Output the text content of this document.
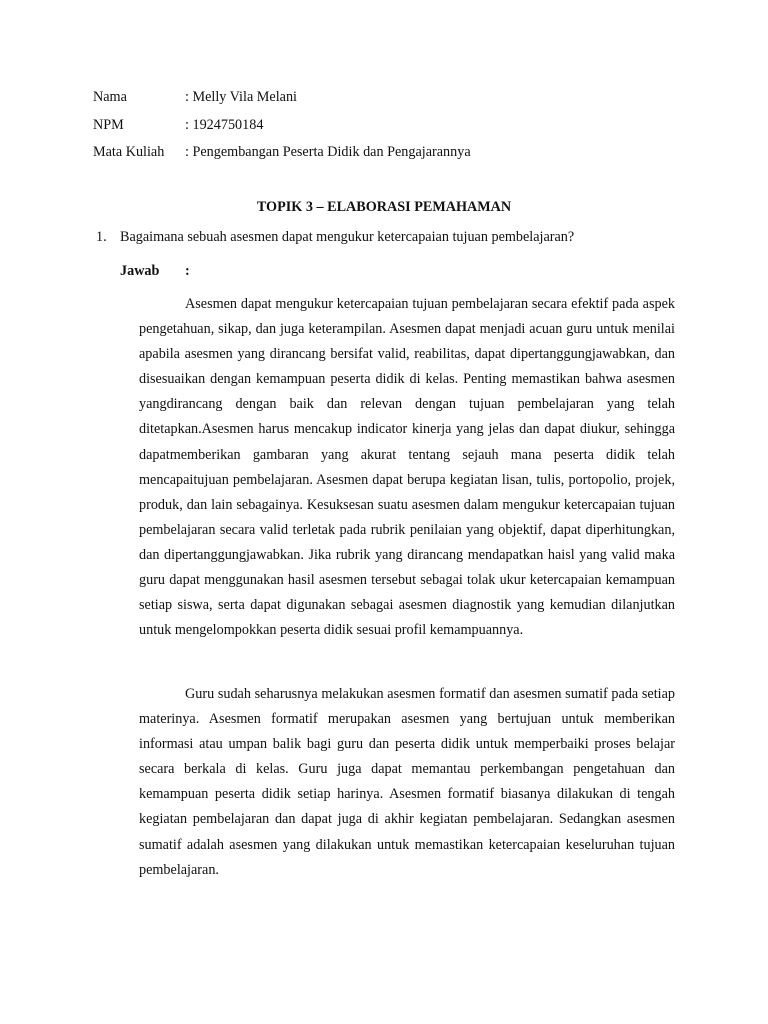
Nama	: Melly Vila Melani
NPM	: 1924750184
Mata Kuliah	: Pengembangan Peserta Didik dan Pengajarannya
TOPIK 3 – ELABORASI PEMAHAMAN
1. Bagaimana sebuah asesmen dapat mengukur ketercapaian tujuan pembelajaran?
Jawab	:

Asesmen dapat mengukur ketercapaian tujuan pembelajaran secara efektif pada aspek pengetahuan, sikap, dan juga keterampilan. Asesmen dapat menjadi acuan guru untuk menilai apabila asesmen yang dirancang bersifat valid, reabilitas, dapat dipertanggungjawabkan, dan disesuaikan dengan kemampuan peserta didik di kelas. Penting memastikan bahwa asesmen yangdirancang dengan baik dan relevan dengan tujuan pembelajaran yang telah ditetapkan.Asesmen harus mencakup indicator kinerja yang jelas dan dapat diukur, sehingga dapatmemberikan gambaran yang akurat tentang sejauh mana peserta didik telah mencapaitujuan pembelajaran. Asesmen dapat berupa kegiatan lisan, tulis, portopolio, projek, produk, dan lain sebagainya. Kesuksesan suatu asesmen dalam mengukur ketercapaian tujuan pembelajaran secara valid terletak pada rubrik penilaian yang objektif, dapat diperhitungkan, dan dipertanggungjawabkan. Jika rubrik yang dirancang mendapatkan haisl yang valid maka guru dapat menggunakan hasil asesmen tersebut sebagai tolak ukur ketercapaian kemampuan setiap siswa, serta dapat digunakan sebagai asesmen diagnostik yang kemudian dilanjutkan untuk mengelompokkan peserta didik sesuai profil kemampuannya.

Guru sudah seharusnya melakukan asesmen formatif dan asesmen sumatif pada setiap materinya. Asesmen formatif merupakan asesmen yang bertujuan untuk memberikan informasi atau umpan balik bagi guru dan peserta didik untuk memperbaiki proses belajar secara berkala di kelas. Guru juga dapat memantau perkembangan pengetahuan dan kemampuan peserta didik setiap harinya. Asesmen formatif biasanya dilakukan di tengah kegiatan pembelajaran dan dapat juga di akhir kegiatan pembelajaran. Sedangkan asesmen sumatif adalah asesmen yang dilakukan untuk memastikan ketercapaian keseluruhan tujuan pembelajaran.
